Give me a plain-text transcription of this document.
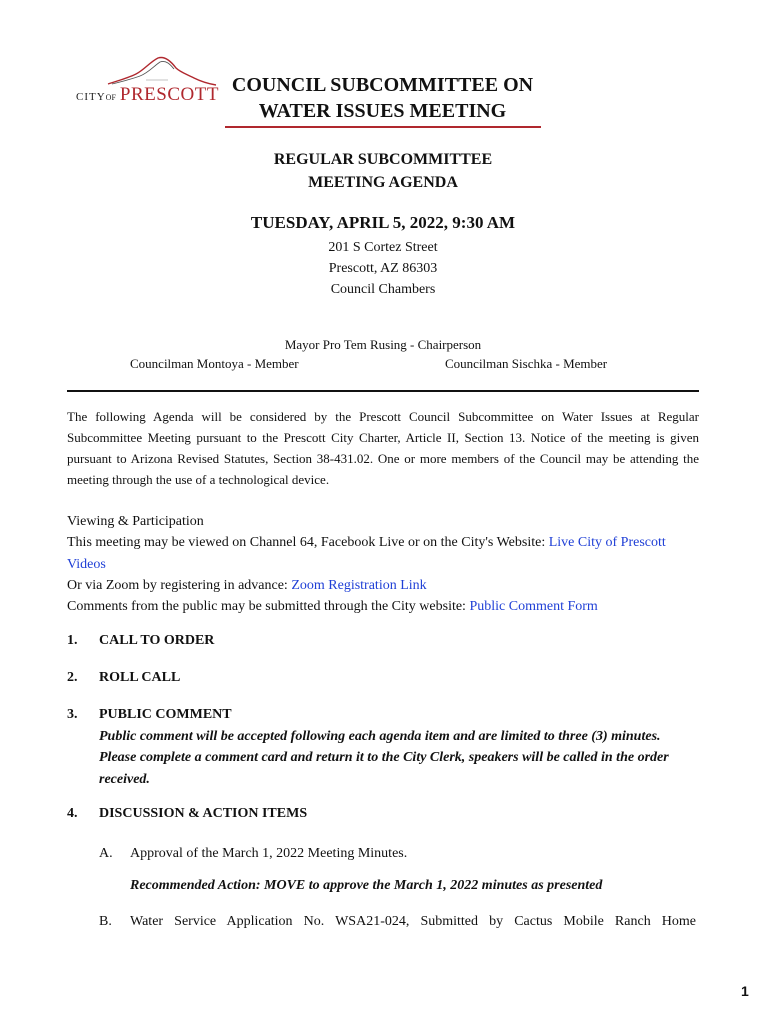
CITYOF PRESCOTT COUNCIL SUBCOMMITTEE ON
WATER ISSUES MEETING
REGULAR SUBCOMMITTEE
MEETING AGENDA
TUESDAY, APRIL 5, 2022, 9:30 AM
201 S Cortez Street
Prescott, AZ 86303
Council Chambers
Mayor Pro Tem Rusing - Chairperson
Councilman Montoya - Member	Councilman Sischka - Member
The following Agenda will be considered by the Prescott Council Subcommittee on Water Issues at Regular Subcommittee Meeting pursuant to the Prescott City Charter, Article II, Section 13. Notice of the meeting is given pursuant to Arizona Revised Statutes, Section 38-431.02. One or more members of the Council may be attending the meeting through the use of a technological device.
Viewing & Participation
This meeting may be viewed on Channel 64, Facebook Live or on the City's Website: Live City of Prescott Videos
Or via Zoom by registering in advance: Zoom Registration Link
Comments from the public may be submitted through the City website: Public Comment Form
1. CALL TO ORDER
2. ROLL CALL
3. PUBLIC COMMENT
Public comment will be accepted following each agenda item and are limited to three (3) minutes. Please complete a comment card and return it to the City Clerk, speakers will be called in the order received.
4. DISCUSSION & ACTION ITEMS
A. Approval of the March 1, 2022 Meeting Minutes.
Recommended Action: MOVE to approve the March 1, 2022 minutes as presented
B. Water Service Application No. WSA21-024, Submitted by Cactus Mobile Ranch Home
1
